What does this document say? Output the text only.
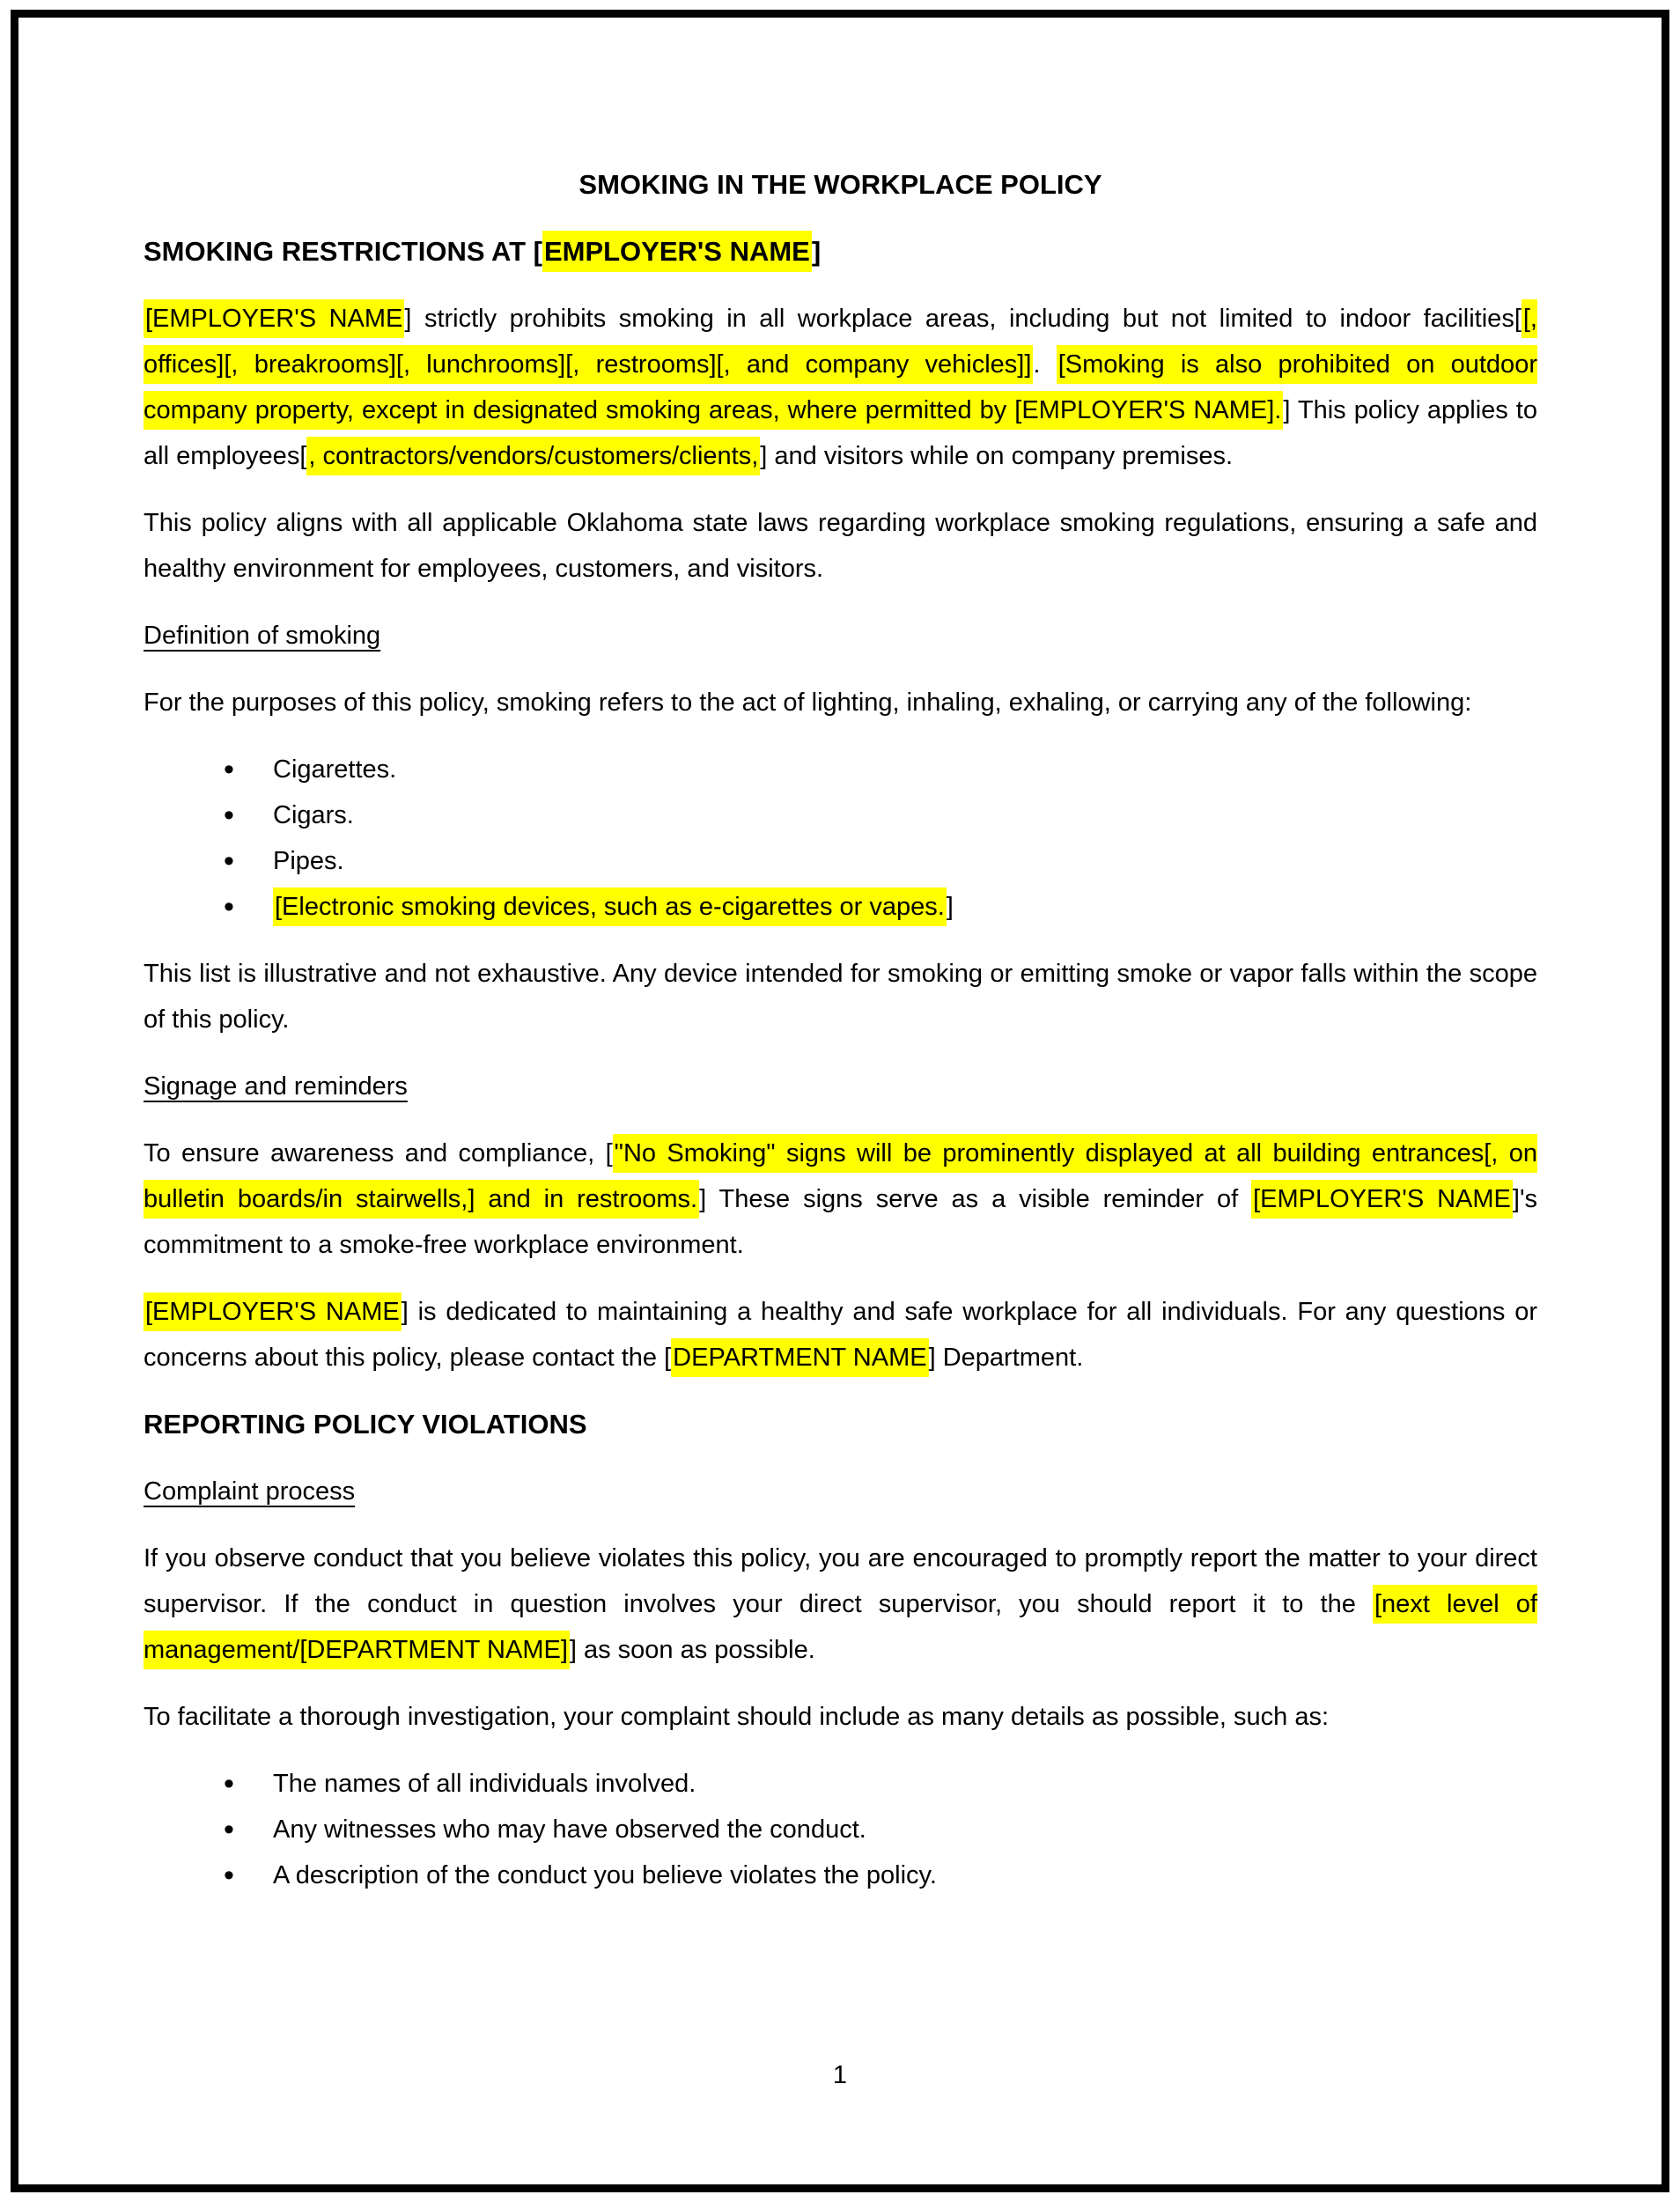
SMOKING IN THE WORKPLACE POLICY
SMOKING RESTRICTIONS AT [EMPLOYER'S NAME]

[EMPLOYER'S NAME] strictly prohibits smoking in all workplace areas, including but not limited to indoor facilities[[, offices][, breakrooms][, lunchrooms][, restrooms][, and company vehicles]]. [Smoking is also prohibited on outdoor company property, except in designated smoking areas, where permitted by [EMPLOYER'S NAME].] This policy applies to all employees[, contractors/vendors/customers/clients,] and visitors while on company premises.

This policy aligns with all applicable Oklahoma state laws regarding workplace smoking regulations, ensuring a safe and healthy environment for employees, customers, and visitors.

Definition of smoking

For the purposes of this policy, smoking refers to the act of lighting, inhaling, exhaling, or carrying any of the following:

• Cigarettes.
• Cigars.
• Pipes.
• [Electronic smoking devices, such as e-cigarettes or vapes.]

This list is illustrative and not exhaustive. Any device intended for smoking or emitting smoke or vapor falls within the scope of this policy.

Signage and reminders

To ensure awareness and compliance, ["No Smoking" signs will be prominently displayed at all building entrances[, on bulletin boards/in stairwells,] and in restrooms.] These signs serve as a visible reminder of [EMPLOYER'S NAME]'s commitment to a smoke-free workplace environment.

[EMPLOYER'S NAME] is dedicated to maintaining a healthy and safe workplace for all individuals. For any questions or concerns about this policy, please contact the [DEPARTMENT NAME] Department.

REPORTING POLICY VIOLATIONS
Complaint process

If you observe conduct that you believe violates this policy, you are encouraged to promptly report the matter to your direct supervisor. If the conduct in question involves your direct supervisor, you should report it to the [next level of management/[DEPARTMENT NAME]] as soon as possible.

To facilitate a thorough investigation, your complaint should include as many details as possible, such as:

• The names of all individuals involved.
• Any witnesses who may have observed the conduct.
• A description of the conduct you believe violates the policy.
1
